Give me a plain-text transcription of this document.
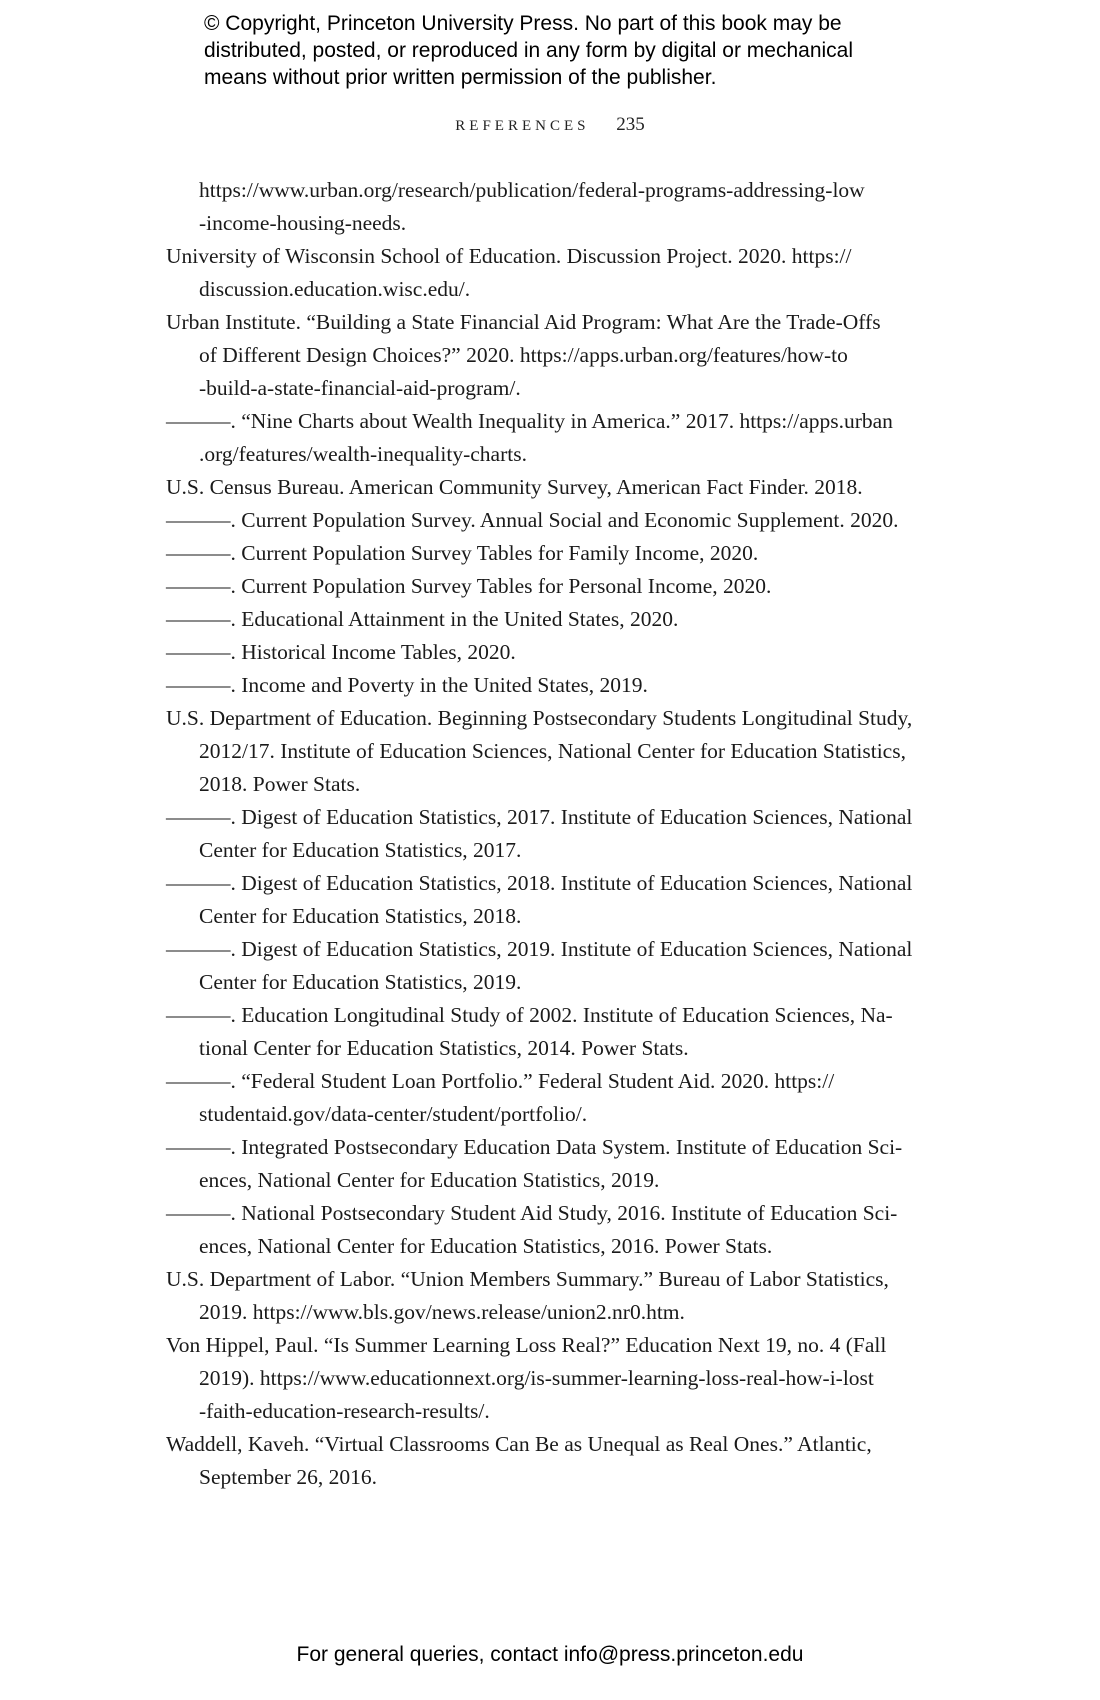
© Copyright, Princeton University Press. No part of this book may be
distributed, posted, or reproduced in any form by digital or mechanical
means without prior written permission of the publisher.
REFERENCES 235
https://www.urban.org/research/publication/federal-programs-addressing-low
-income-housing-needs.
University of Wisconsin School of Education. Discussion Project. 2020. https://
discussion.education.wisc.edu/.
Urban Institute. “Building a State Financial Aid Program: What Are the Trade-Offs
of Different Design Choices?” 2020. https://apps.urban.org/features/how-to
-build-a-state-financial-aid-program/.
———. “Nine Charts about Wealth Inequality in America.” 2017. https://apps.urban
.org/features/wealth-inequality-charts.
U.S. Census Bureau. American Community Survey, American Fact Finder. 2018.
———. Current Population Survey. Annual Social and Economic Supplement. 2020.
———. Current Population Survey Tables for Family Income, 2020.
———. Current Population Survey Tables for Personal Income, 2020.
———. Educational Attainment in the United States, 2020.
———. Historical Income Tables, 2020.
———. Income and Poverty in the United States, 2019.
U.S. Department of Education. Beginning Postsecondary Students Longitudinal Study,
2012/17. Institute of Education Sciences, National Center for Education Statistics,
2018. Power Stats.
———. Digest of Education Statistics, 2017. Institute of Education Sciences, National
Center for Education Statistics, 2017.
———. Digest of Education Statistics, 2018. Institute of Education Sciences, National
Center for Education Statistics, 2018.
———. Digest of Education Statistics, 2019. Institute of Education Sciences, National
Center for Education Statistics, 2019.
———. Education Longitudinal Study of 2002. Institute of Education Sciences, Na-
tional Center for Education Statistics, 2014. Power Stats.
———. “Federal Student Loan Portfolio.” Federal Student Aid. 2020. https://
studentaid.gov/data-center/student/portfolio/.
———. Integrated Postsecondary Education Data System. Institute of Education Sci-
ences, National Center for Education Statistics, 2019.
———. National Postsecondary Student Aid Study, 2016. Institute of Education Sci-
ences, National Center for Education Statistics, 2016. Power Stats.
U.S. Department of Labor. “Union Members Summary.” Bureau of Labor Statistics,
2019. https://www.bls.gov/news.release/union2.nr0.htm.
Von Hippel, Paul. “Is Summer Learning Loss Real?” Education Next 19, no. 4 (Fall
2019). https://www.educationnext.org/is-summer-learning-loss-real-how-i-lost
-faith-education-research-results/.
Waddell, Kaveh. “Virtual Classrooms Can Be as Unequal as Real Ones.” Atlantic,
September 26, 2016.
For general queries, contact info@press.princeton.edu
